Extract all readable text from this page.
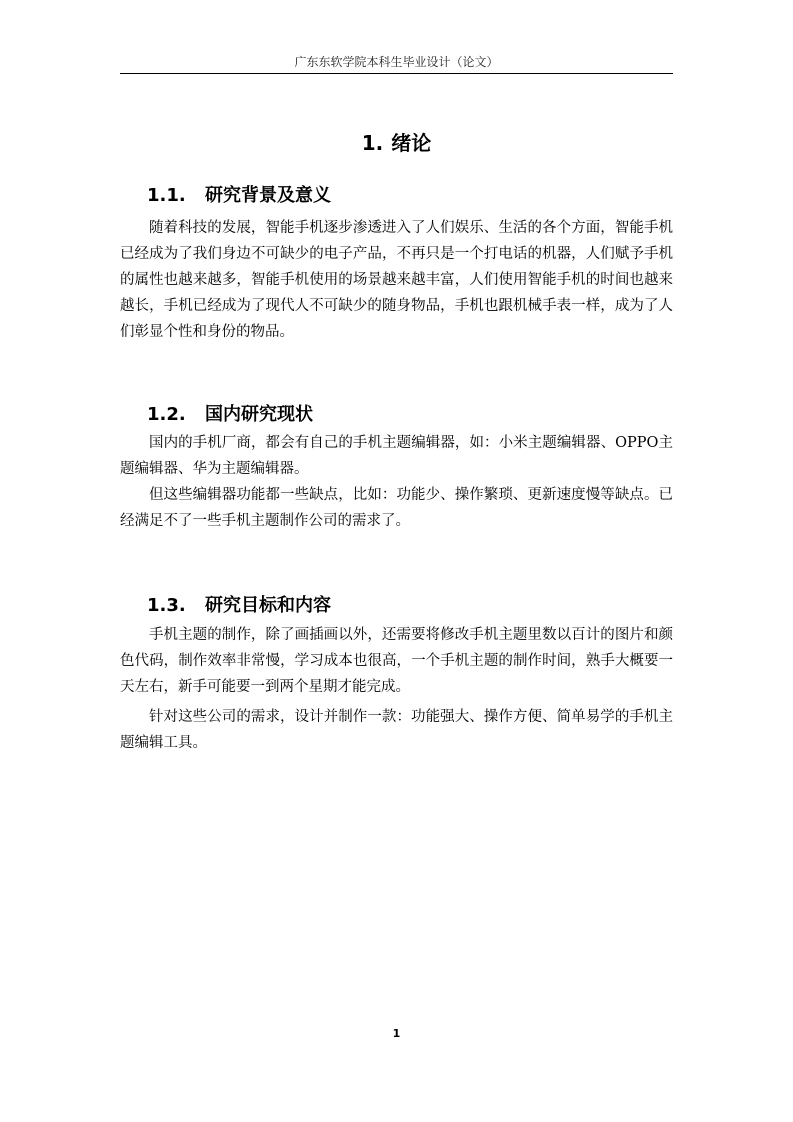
广东东软学院本科生毕业设计（论文）
1. 绪论
1.1. 研究背景及意义

随着科技的发展，智能手机逐步渗透进入了人们娱乐、生活的各个方面，智能手机已经成为了我们身边不可缺少的电子产品，不再只是一个打电话的机器，人们赋予手机的属性也越来越多，智能手机使用的场景越来越丰富，人们使用智能手机的时间也越来越长，手机已经成为了现代人不可缺少的随身物品，手机也跟机械手表一样，成为了人们彰显个性和身份的物品。

1.2. 国内研究现状

国内的手机厂商，都会有自己的手机主题编辑器，如：小米主题编辑器、OPPO主题编辑器、华为主题编辑器。

但这些编辑器功能都一些缺点，比如：功能少、操作繁琐、更新速度慢等缺点。已经满足不了一些手机主题制作公司的需求了。

1.3. 研究目标和内容

手机主题的制作，除了画插画以外，还需要将修改手机主题里数以百计的图片和颜色代码，制作效率非常慢，学习成本也很高，一个手机主题的制作时间，熟手大概要一天左右，新手可能要一到两个星期才能完成。

针对这些公司的需求，设计并制作一款：功能强大、操作方便、简单易学的手机主题编辑工具。

1
